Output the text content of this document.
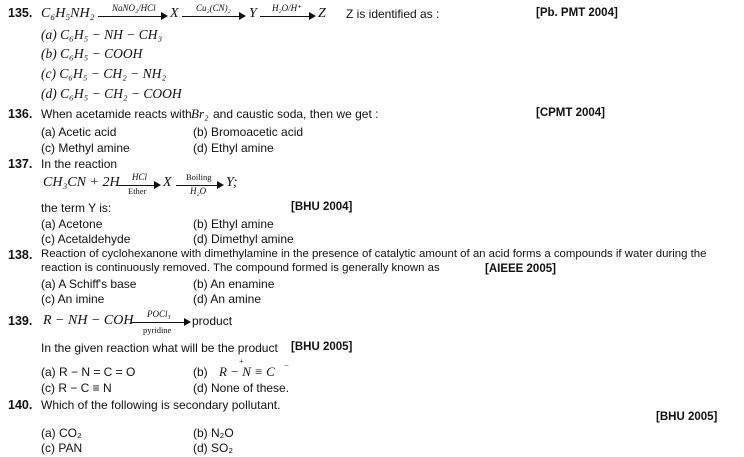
135. C₆H₅NH₂ NaNO₂/HCl X Cu₂(CN)₂ Y H₂O/H⁺ Z Z is identified as :	[Pb. PMT 2004]
(a) C₆H₅ − NH − CH₃
(b) C₆H₅ − COOH
(c) C₆H₅ − CH₂ − NH₂
(d) C₆H₅ − CH₂ − COOH
136. When acetamide reacts with Br₂ and caustic soda, then we get :	[CPMT 2004]
(a) Acetic acid	(b) Bromoacetic acid
(c) Methyl amine	(d) Ethyl amine
137. In the reaction
CH₃CN + 2H HCl
Ether
X Boiling
H₂O
Y;
the term Y is:	[BHU 2004]
(a) Acetone	(b) Ethyl amine
(c) Acetaldehyde	(d) Dimethyl amine
138. Reaction of cyclohexanone with dimethylamine in the presence of catalytic amount of an acid forms a compounds if water during the
reaction is continuously removed. The compound formed is generally known as	[AIEEE 2005]
(a) A Schiff's base	(b) An enamine
(c) An imine	(d) An amine
139. R − NH − COH POCl₃
pyridine
product
In the given reaction what will be the product [BHU 2005]
(a) R − N = C = O	(b) R − N ≡ C
+	−
(c) R − C ≡ N	(d) None of these.
140. Which of the following is secondary pollutant.
[BHU 2005]
(a) CO₂	(b) N₂O
(c) PAN	(d) SO₂
